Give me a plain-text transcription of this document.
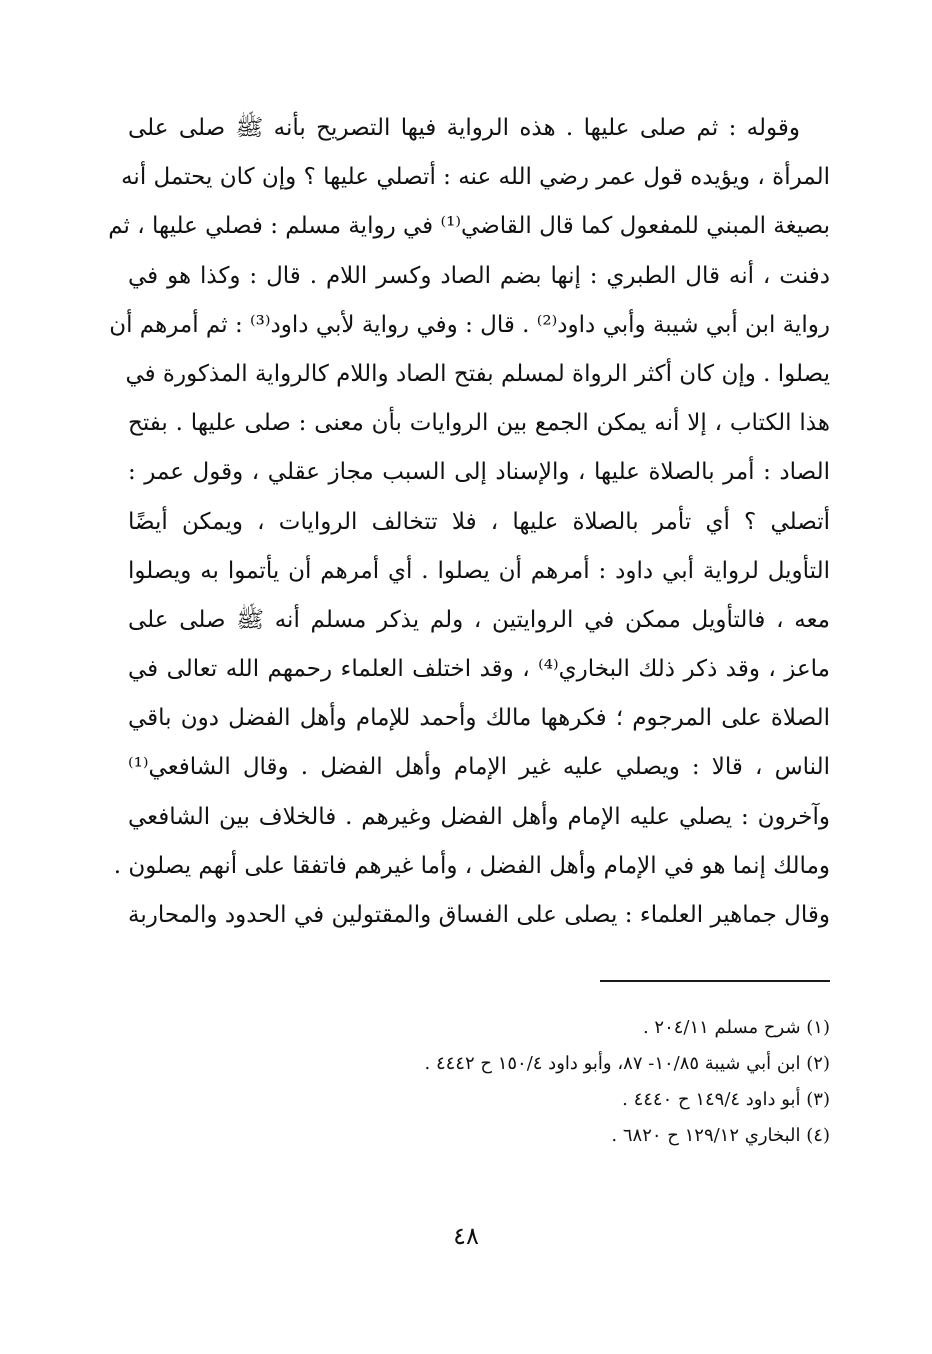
وقوله : ثم صلى عليها . هذه الرواية فيها التصريح بأنه ﷺ صلى على
المرأة ، ويؤيده قول عمر رضي الله عنه : أتصلي عليها ؟ وإن كان يحتمل أنه
بصيغة المبني للمفعول كما قال القاضي⁽¹⁾ في رواية مسلم : فصلي عليها ، ثم
دفنت ، أنه قال الطبري : إنها بضم الصاد وكسر اللام . قال : وكذا هو في
رواية ابن أبي شيبة وأبي داود⁽²⁾ . قال : وفي رواية لأبي داود⁽³⁾ : ثم أمرهم أن
يصلوا . وإن كان أكثر الرواة لمسلم بفتح الصاد واللام كالرواية المذكورة في
هذا الكتاب ، إلا أنه يمكن الجمع بين الروايات بأن معنى : صلى عليها . بفتح
الصاد : أمر بالصلاة عليها ، والإسناد إلى السبب مجاز عقلي ، وقول عمر :
أتصلي ؟ أي تأمر بالصلاة عليها ، فلا تتخالف الروايات ، ويمكن أيضًا
التأويل لرواية أبي داود : أمرهم أن يصلوا . أي أمرهم أن يأتموا به ويصلوا
معه ، فالتأويل ممكن في الروايتين ، ولم يذكر مسلم أنه ﷺ صلى على
ماعز ، وقد ذكر ذلك البخاري⁽⁴⁾ ، وقد اختلف العلماء رحمهم الله تعالى في
الصلاة على المرجوم ؛ فكرهها مالك وأحمد للإمام وأهل الفضل دون باقي
الناس ، قالا : ويصلي عليه غير الإمام وأهل الفضل . وقال الشافعي⁽¹⁾
وآخرون : يصلي عليه الإمام وأهل الفضل وغيرهم . فالخلاف بين الشافعي
ومالك إنما هو في الإمام وأهل الفضل ، وأما غيرهم فاتفقا على أنهم يصلون .
وقال جماهير العلماء : يصلى على الفساق والمقتولين في الحدود والمحاربة
(١) شرح مسلم ٢٠٤/١١ .
(٢) ابن أبي شيبة ١٠/٨٥- ٨٧، وأبو داود ١٥٠/٤ ح ٤٤٤٢ .
(٣) أبو داود ١٤٩/٤ ح ٤٤٤٠ .
(٤) البخاري ١٢٩/١٢ ح ٦٨٢٠ .
٤٨
